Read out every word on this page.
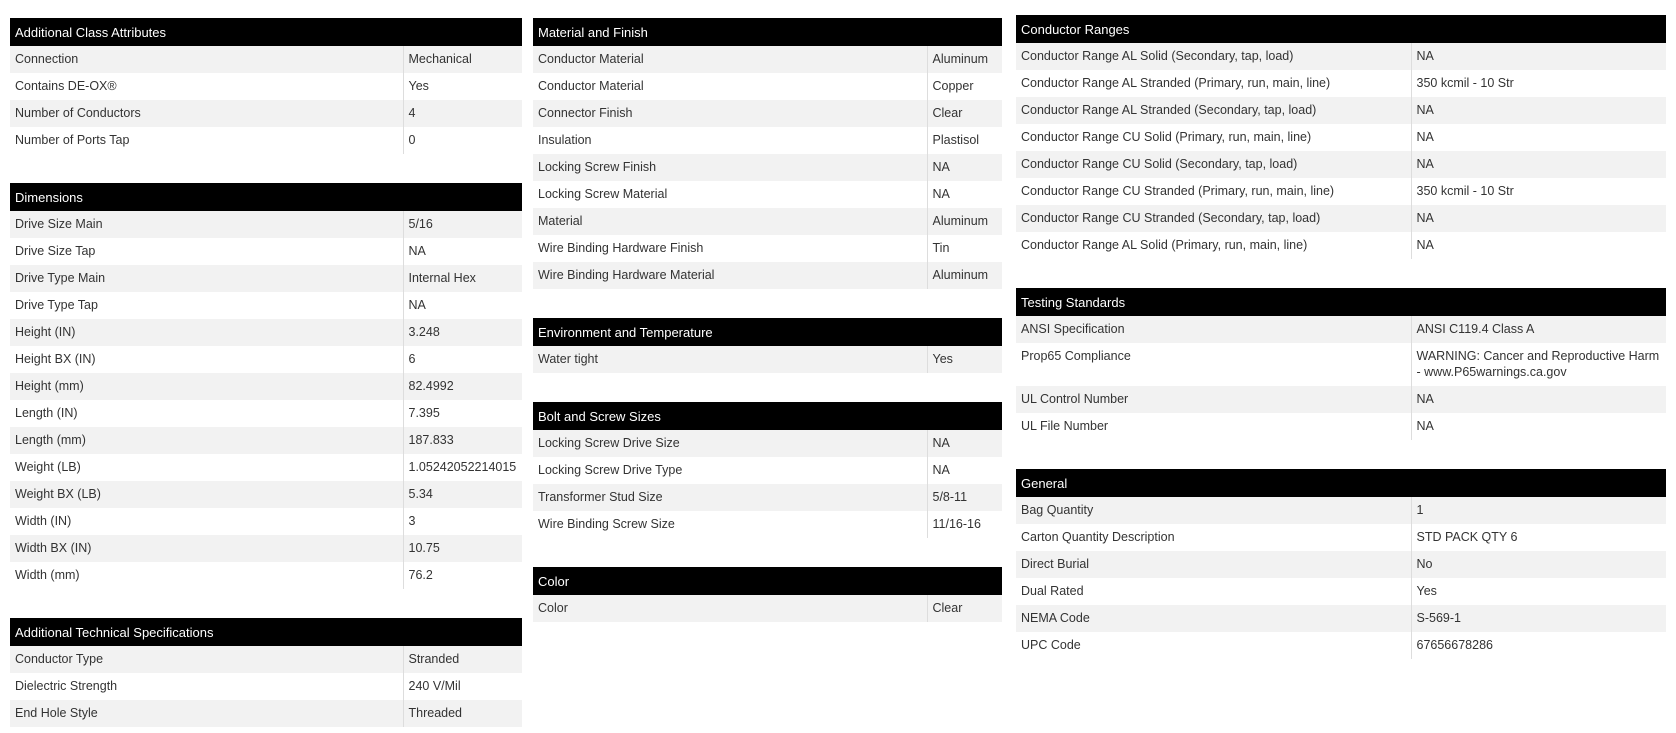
Additional Class Attributes
Connection	Mechanical
Contains DE-OX®	Yes
Number of Conductors	4
Number of Ports Tap	0
Dimensions
Drive Size Main	5/16
Drive Size Tap	NA
Drive Type Main	Internal Hex
Drive Type Tap	NA
Height (IN)	3.248
Height BX (IN)	6
Height (mm)	82.4992
Length (IN)	7.395
Length (mm)	187.833
Weight (LB)	1.05242052214015
Weight BX (LB)	5.34
Width (IN)	3
Width BX (IN)	10.75
Width (mm)	76.2
Additional Technical Specifications
Conductor Type	Stranded
Dielectric Strength	240 V/Mil
End Hole Style	Threaded
Material and Finish
Conductor Material	Aluminum
Conductor Material	Copper
Connector Finish	Clear
Insulation	Plastisol
Locking Screw Finish	NA
Locking Screw Material	NA
Material	Aluminum
Wire Binding Hardware Finish	Tin
Wire Binding Hardware Material	Aluminum
Environment and Temperature
Water tight	Yes
Bolt and Screw Sizes
Locking Screw Drive Size	NA
Locking Screw Drive Type	NA
Transformer Stud Size	5/8-11
Wire Binding Screw Size	11/16-16
Color
Color	Clear
Conductor Ranges
Conductor Range AL Solid (Secondary, tap, load)	NA
Conductor Range AL Stranded (Primary, run, main, line)	350 kcmil - 10 Str
Conductor Range AL Stranded (Secondary, tap, load)	NA
Conductor Range CU Solid (Primary, run, main, line)	NA
Conductor Range CU Solid (Secondary, tap, load)	NA
Conductor Range CU Stranded (Primary, run, main, line)	350 kcmil - 10 Str
Conductor Range CU Stranded (Secondary, tap, load)	NA
Conductor Range AL Solid (Primary, run, main, line)	NA
Testing Standards
ANSI Specification	ANSI C119.4 Class A
Prop65 Compliance	WARNING: Cancer and Reproductive Harm - www.P65warnings.ca.gov
UL Control Number	NA
UL File Number	NA
General
Bag Quantity	1
Carton Quantity Description	STD PACK QTY 6
Direct Burial	No
Dual Rated	Yes
NEMA Code	S-569-1
UPC Code	67656678286
